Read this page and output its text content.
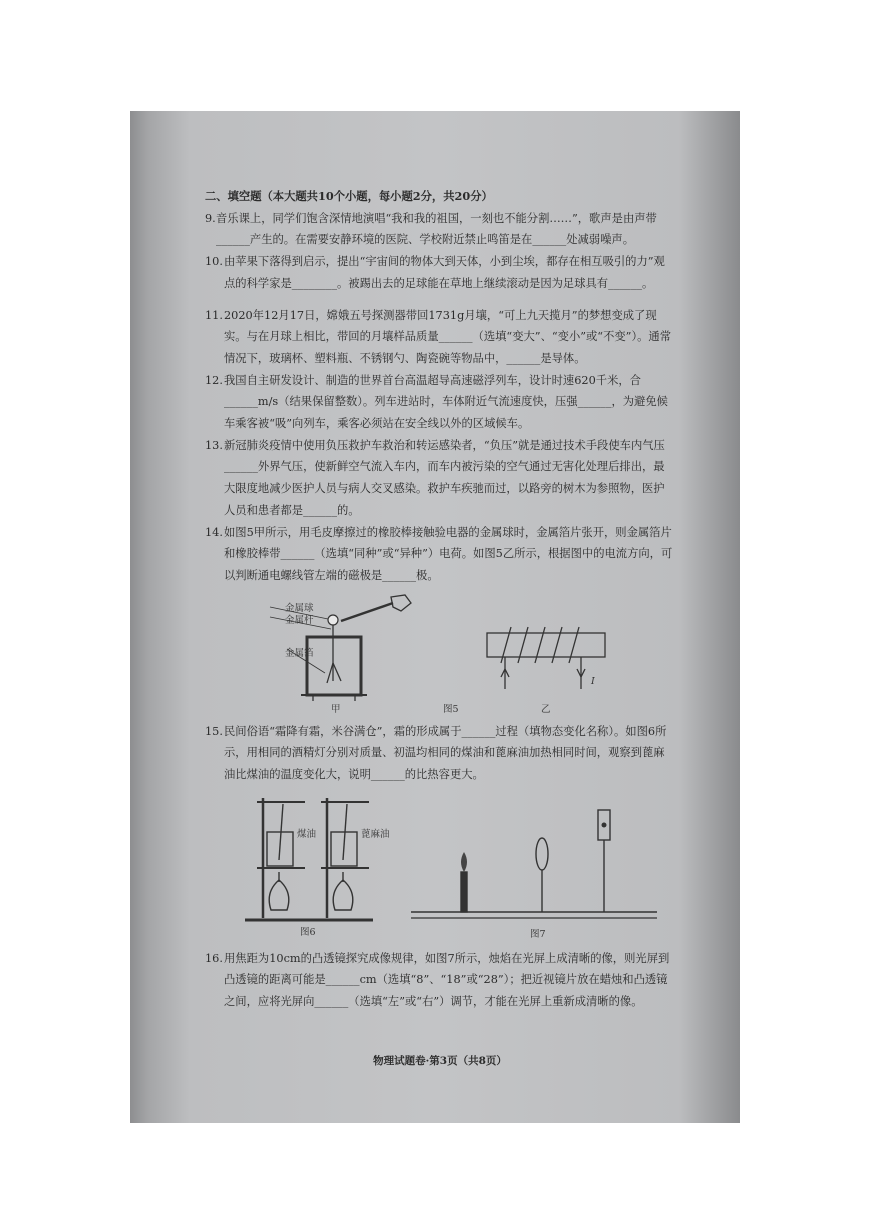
二、填空题（本大题共10个小题，每小题2分，共20分）
9. 音乐课上，同学们饱含深情地演唱“我和我的祖国，一刻也不能分割……”，歌声是由声带______产生的。在需要安静环境的医院、学校附近禁止鸣笛是在______处减弱噪声。
10. 由苹果下落得到启示，提出“宇宙间的物体大到天体，小到尘埃，都存在相互吸引的力”观点的科学家是________。被踢出去的足球能在草地上继续滚动是因为足球具有______。
11. 2020年12月17日，嫦娥五号探测器带回1731g月壤，“可上九天揽月”的梦想变成了现实。与在月球上相比，带回的月壤样品质量______（选填“变大”、“变小”或“不变”）。通常情况下，玻璃杯、塑料瓶、不锈钢勺、陶瓷碗等物品中，______是导体。
12. 我国自主研发设计、制造的世界首台高温超导高速磁浮列车，设计时速620千米，合______m/s（结果保留整数）。列车进站时，车体附近气流速度快，压强______，为避免候车乘客被“吸”向列车，乘客必须站在安全线以外的区域候车。
13. 新冠肺炎疫情中使用负压救护车救治和转运感染者，“负压”就是通过技术手段使车内气压______外界气压，使新鲜空气流入车内，而车内被污染的空气通过无害化处理后排出，最大限度地减少医护人员与病人交叉感染。救护车疾驰而过，以路旁的树木为参照物，医护人员和患者都是______的。
14. 如图5甲所示，用毛皮摩擦过的橡胶棒接触验电器的金属球时，金属箔片张开，则金属箔片和橡胶棒带______（选填“同种”或“异种”）电荷。如图5乙所示，根据图中的电流方向，可以判断通电螺线管左端的磁极是______极。
金属球
金属杆
金属箔
甲	图5	乙
I
15. 民间俗语“霜降有霜，米谷满仓”，霜的形成属于______过程（填物态变化名称）。如图6所示，用相同的酒精灯分别对质量、初温均相同的煤油和蓖麻油加热相同时间，观察到蓖麻油比煤油的温度变化大，说明______的比热容更大。
煤油	蓖麻油
图6	图7
16. 用焦距为10cm的凸透镜探究成像规律，如图7所示，烛焰在光屏上成清晰的像，则光屏到凸透镜的距离可能是______cm（选填“8”、“18”或“28”）；把近视镜片放在蜡烛和凸透镜之间，应将光屏向______（选填“左”或“右”）调节，才能在光屏上重新成清晰的像。
物理试题卷·第3页（共8页）
